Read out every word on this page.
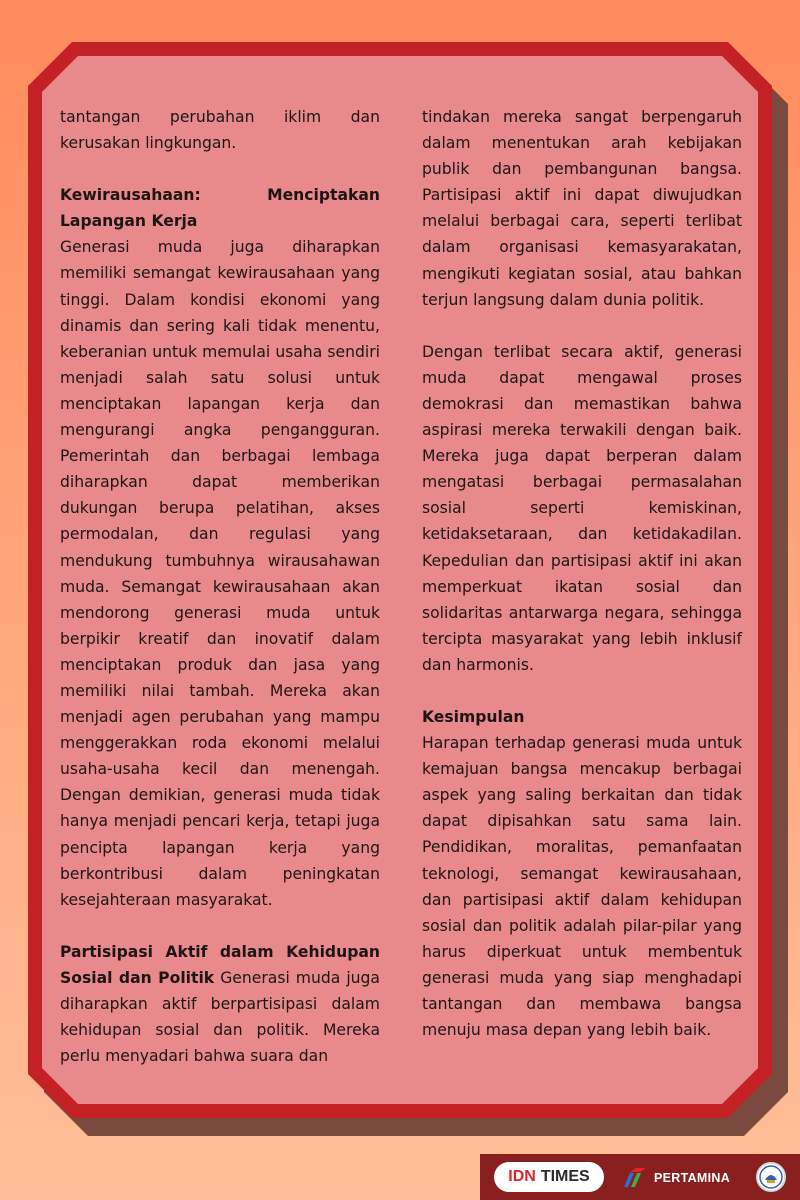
tantangan perubahan iklim dan kerusakan lingkungan.

Kewirausahaan: Menciptakan
Lapangan Kerja
Generasi muda juga diharapkan memiliki semangat kewirausahaan yang tinggi. Dalam kondisi ekonomi yang dinamis dan sering kali tidak menentu, keberanian untuk memulai usaha sendiri menjadi salah satu solusi untuk menciptakan lapangan kerja dan mengurangi angka pengangguran. Pemerintah dan berbagai lembaga diharapkan dapat memberikan dukungan berupa pelatihan, akses permodalan, dan regulasi yang mendukung tumbuhnya wirausahawan muda. Semangat kewirausahaan akan mendorong generasi muda untuk berpikir kreatif dan inovatif dalam menciptakan produk dan jasa yang memiliki nilai tambah. Mereka akan menjadi agen perubahan yang mampu menggerakkan roda ekonomi melalui usaha-usaha kecil dan menengah. Dengan demikian, generasi muda tidak hanya menjadi pencari kerja, tetapi juga pencipta lapangan kerja yang berkontribusi dalam peningkatan kesejahteraan masyarakat.

Partisipasi Aktif dalam Kehidupan Sosial dan Politik Generasi muda juga diharapkan aktif berpartisipasi dalam kehidupan sosial dan politik. Mereka perlu menyadari bahwa suara dan

tindakan mereka sangat berpengaruh dalam menentukan arah kebijakan publik dan pembangunan bangsa. Partisipasi aktif ini dapat diwujudkan melalui berbagai cara, seperti terlibat dalam organisasi kemasyarakatan, mengikuti kegiatan sosial, atau bahkan terjun langsung dalam dunia politik.

Dengan terlibat secara aktif, generasi muda dapat mengawal proses demokrasi dan memastikan bahwa aspirasi mereka terwakili dengan baik. Mereka juga dapat berperan dalam mengatasi berbagai permasalahan sosial seperti kemiskinan, ketidaksetaraan, dan ketidakadilan. Kepedulian dan partisipasi aktif ini akan memperkuat ikatan sosial dan solidaritas antarwarga negara, sehingga tercipta masyarakat yang lebih inklusif dan harmonis.

Kesimpulan
Harapan terhadap generasi muda untuk kemajuan bangsa mencakup berbagai aspek yang saling berkaitan dan tidak dapat dipisahkan satu sama lain. Pendidikan, moralitas, pemanfaatan teknologi, semangat kewirausahaan, dan partisipasi aktif dalam kehidupan sosial dan politik adalah pilar-pilar yang harus diperkuat untuk membentuk generasi muda yang siap menghadapi tantangan dan membawa bangsa menuju masa depan yang lebih baik.

IDN TIMES	PERTAMINA
